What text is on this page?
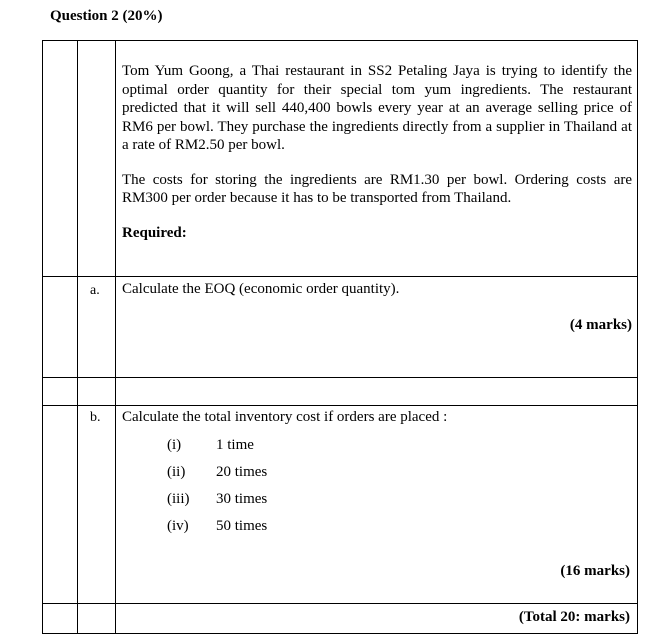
Question 2 (20%)

Tom Yum Goong, a Thai restaurant in SS2 Petaling Jaya is trying to identify the optimal order quantity for their special tom yum ingredients. The restaurant predicted that it will sell 440,400 bowls every year at an average selling price of RM6 per bowl. They purchase the ingredients directly from a supplier in Thailand at a rate of RM2.50 per bowl.

The costs for storing the ingredients are RM1.30 per bowl. Ordering costs are RM300 per order because it has to be transported from Thailand.

Required:

a. Calculate the EOQ (economic order quantity).
(4 marks)
b. Calculate the total inventory cost if orders are placed :
(i) 1 time
(ii) 20 times
(iii) 30 times
(iv) 50 times
(16 marks)
(Total 20: marks)
